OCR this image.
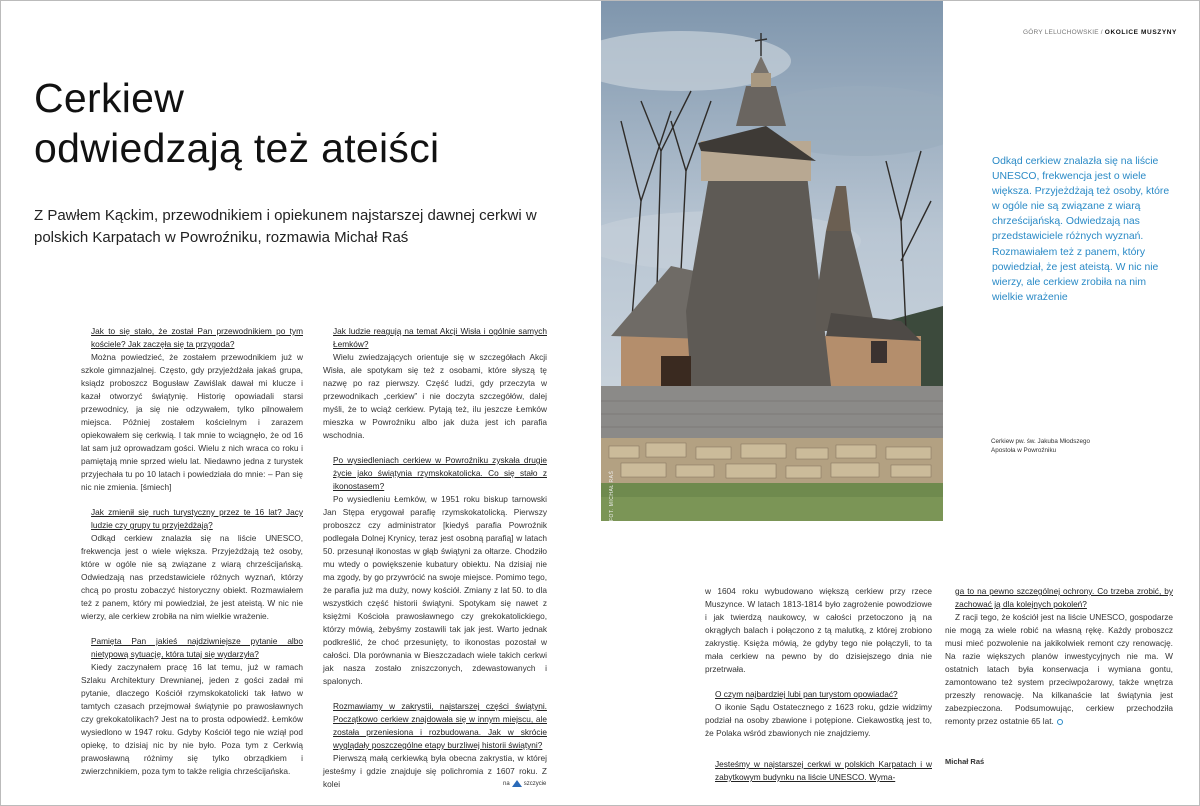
Cerkiew
odwiedzają też ateiści

Z Pawłem Kąckim, przewodnikiem i opiekunem najstarszej dawnej cerkwi w polskich Karpatach w Powroźniku, rozmawia Michał Raś

Jak to się stało, że został Pan przewodnikiem po tym kościele? Jak zaczęła się ta przygoda?

Można powiedzieć, że zostałem przewodnikiem już w szkole gimnazjalnej. Często, gdy przyjeżdżała jakaś grupa, ksiądz proboszcz Bogusław Zawiślak dawał mi klucze i kazał otworzyć świątynię. Historię opowiadali starsi przewodnicy, ja się nie odzywałem, tylko pilnowałem miejsca. Później zostałem kościelnym i zarazem opiekowałem się cerkwią. I tak mnie to wciągnęło, że od 16 lat sam już oprowadzam gości. Wielu z nich wraca co roku i pamiętają mnie sprzed wielu lat. Niedawno jedna z turystek przyjechała tu po 10 latach i powiedziała do mnie: – Pan się nic nie zmienia. [śmiech]

Jak zmienił się ruch turystyczny przez te 16 lat? Jacy ludzie czy grupy tu przyjeżdżają?

Odkąd cerkiew znalazła się na liście UNESCO, frekwencja jest o wiele większa. Przyjeżdżają też osoby, które w ogóle nie są związane z wiarą chrześcijańską. Odwiedzają nas przedstawiciele różnych wyznań, którzy chcą po prostu zobaczyć historyczny obiekt. Rozmawiałem też z panem, który mi powiedział, że jest ateistą. W nic nie wierzy, ale cerkiew zrobiła na nim wielkie wrażenie.

Pamięta Pan jakieś najdziwniejsze pytanie albo nietypową sytuację, która tutaj się wydarzyła?

Kiedy zaczynałem pracę 16 lat temu, już w ramach Szlaku Architektury Drewnianej, jeden z gości zadał mi pytanie, dlaczego Kościół rzymskokatolicki tak łatwo w tamtych czasach przejmował świątynie po prawosławnych czy grekokatolikach? Jest na to prosta odpowiedź. Łemków wysiedlono w 1947 roku. Gdyby Kościół tego nie wziął pod opiekę, to dzisiaj nic by nie było. Poza tym z Cerkwią prawosławną różnimy się tylko obrządkiem i zwierzchnikiem, poza tym to także religia chrześcijańska.

Jak ludzie reagują na temat Akcji Wisła i ogólnie samych Łemków?

Wielu zwiedzających orientuje się w szczegółach Akcji Wisła, ale spotykam się też z osobami, które słyszą tę nazwę po raz pierwszy. Część ludzi, gdy przeczyta w przewodnikach „cerkiew” i nie doczyta szczegółów, dalej myśli, że to wciąż cerkiew. Pytają też, ilu jeszcze Łemków mieszka w Powroźniku albo jak duża jest ich parafia wschodnia.

Po wysiedleniach cerkiew w Powroźniku zyskała drugie życie jako świątynia rzymskokatolicka. Co się stało z ikonostasem?

Po wysiedleniu Łemków, w 1951 roku biskup tarnowski Jan Stępa erygował parafię rzymskokatolicką. Pierwszy proboszcz czy administrator [kiedyś parafia Powroźnik podlegała Dolnej Krynicy, teraz jest osobną parafią] w latach 50. przesunął ikonostas w głąb świątyni za ołtarze. Chodziło mu wtedy o powiększenie kubatury obiektu. Na dzisiaj nie ma zgody, by go przywrócić na swoje miejsce. Pomimo tego, że parafia już ma duży, nowy kościół. Zmiany z lat 50. to dla wszystkich część historii świątyni. Spotykam się nawet z księżmi Kościoła prawosławnego czy grekokatolickiego, którzy mówią, żebyśmy zostawili tak jak jest. Warto jednak podkreślić, że choć przesunięty, to ikonostas pozostał w całości. Dla porównania w Bieszczadach wiele takich cerkwi jak nasza zostało zniszczonych, zdewastowanych i spalonych.

Rozmawiamy w zakrystii, najstarszej części świątyni. Początkowo cerkiew znajdowała się w innym miejscu, ale została przeniesiona i rozbudowana. Jak w skrócie wyglądały poszczególne etapy burzliwej historii świątyni?

Pierwszą małą cerkiewką była obecna zakrystia, w której jesteśmy i gdzie znajduje się polichromia z 1607 roku. Z kolei

FOT. MICHAŁ RAŚ
GÓRY LELUCHOWSKIE / OKOLICE MUSZYNY

Odkąd cerkiew znalazła się na liście UNESCO, frekwencja jest o wiele większa. Przyjeżdżają też osoby, które w ogóle nie są związane z wiarą chrześcijańską. Odwiedzają nas przedstawiciele różnych wyznań. Rozmawiałem też z panem, który powiedział, że jest ateistą. W nic nie wierzy, ale cerkiew zrobiła na nim wielkie wrażenie

Cerkiew pw. św. Jakuba Młodszego
Apostoła w Powroźniku

w 1604 roku wybudowano większą cerkiew przy rzece Muszynce. W latach 1813-1814 było zagrożenie powodziowe i jak twierdzą naukowcy, w całości przetoczono ją na okrągłych balach i połączono z tą malutką, z której zrobiono zakrystię. Księża mówią, że gdyby tego nie połączyli, to ta mała cerkiew na pewno by do dzisiejszego dnia nie przetrwała.

O czym najbardziej lubi pan turystom opowiadać?

O ikonie Sądu Ostatecznego z 1623 roku, gdzie widzimy podział na osoby zbawione i potępione. Ciekawostką jest to, że Polaka wśród zbawionych nie znajdziemy.

Jesteśmy w najstarszej cerkwi w polskich Karpatach i w zabytkowym budynku na liście UNESCO. Wyma-

ga to na pewno szczególnej ochrony. Co trzeba zrobić, by zachować ją dla kolejnych pokoleń?

Z racji tego, że kościół jest na liście UNESCO, gospodarze nie mogą za wiele robić na własną rękę. Każdy proboszcz musi mieć pozwolenie na jakikolwiek remont czy renowację. Na razie większych planów inwestycyjnych nie ma. W ostatnich latach była konserwacja i wymiana gontu, zamontowano też system przeciwpożarowy, także wnętrza przeszły renowację. Na kilkanaście lat świątynia jest zabezpieczona. Podsumowując, cerkiew przechodziła remonty przez ostatnie 65 lat.

Michał Raś
na szczycie
